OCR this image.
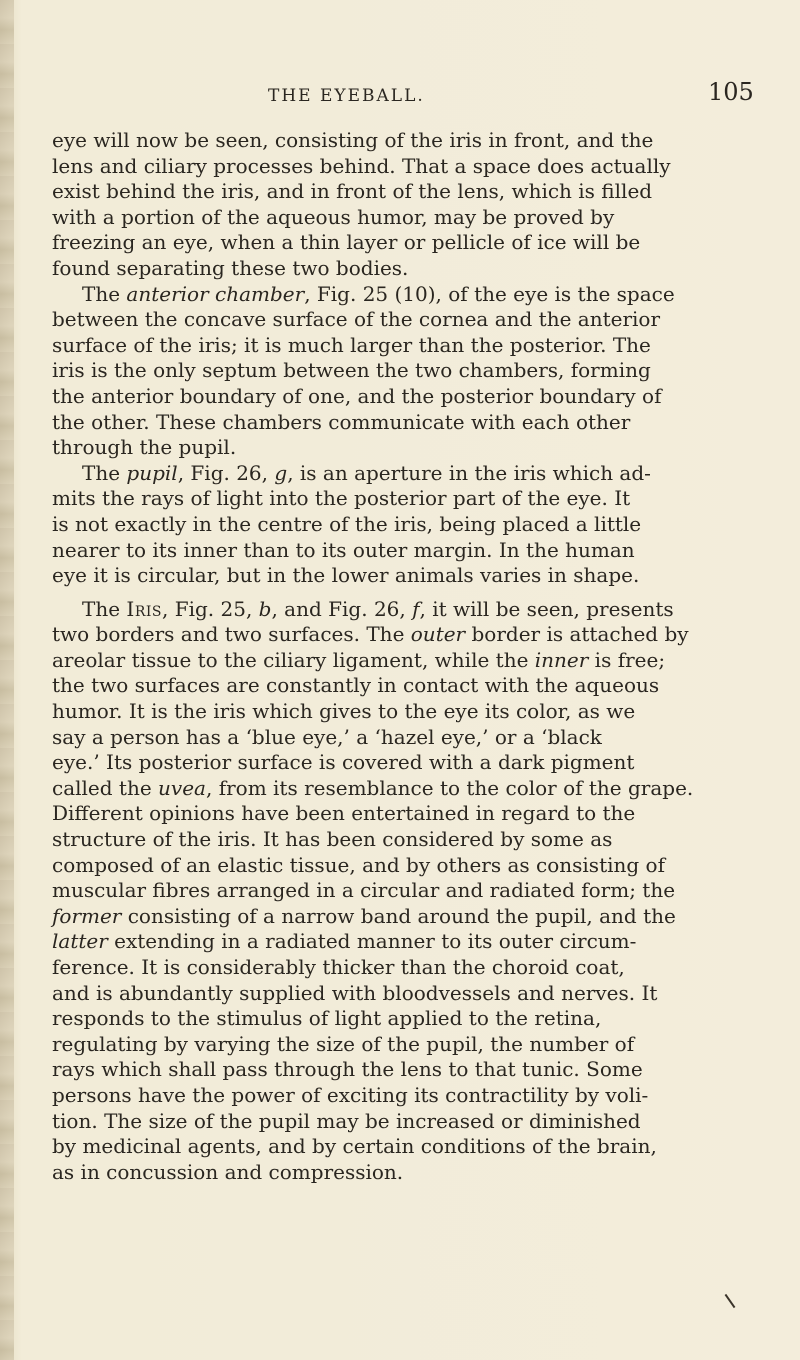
THE EYEBALL.	105
eye will now be seen, consisting of the iris in front, and the
lens and ciliary processes behind. That a space does actually
exist behind the iris, and in front of the lens, which is filled
with a portion of the aqueous humor, may be proved by
freezing an eye, when a thin layer or pellicle of ice will be
found separating these two bodies.
The anterior chamber, Fig. 25 (10), of the eye is the space
between the concave surface of the cornea and the anterior
surface of the iris; it is much larger than the posterior. The
iris is the only septum between the two chambers, forming
the anterior boundary of one, and the posterior boundary of
the other. These chambers communicate with each other
through the pupil.
The pupil, Fig. 26, g, is an aperture in the iris which ad-
mits the rays of light into the posterior part of the eye. It
is not exactly in the centre of the iris, being placed a little
nearer to its inner than to its outer margin. In the human
eye it is circular, but in the lower animals varies in shape.
The Iris, Fig. 25, b, and Fig. 26, f, it will be seen, presents
two borders and two surfaces. The outer border is attached by
areolar tissue to the ciliary ligament, while the inner is free;
the two surfaces are constantly in contact with the aqueous
humor. It is the iris which gives to the eye its color, as we
say a person has a ‘blue eye,’ a ‘hazel eye,’ or a ‘black
eye.’ Its posterior surface is covered with a dark pigment
called the uvea, from its resemblance to the color of the grape.
Different opinions have been entertained in regard to the
structure of the iris. It has been considered by some as
composed of an elastic tissue, and by others as consisting of
muscular fibres arranged in a circular and radiated form; the
former consisting of a narrow band around the pupil, and the
latter extending in a radiated manner to its outer circum-
ference. It is considerably thicker than the choroid coat,
and is abundantly supplied with bloodvessels and nerves. It
responds to the stimulus of light applied to the retina,
regulating by varying the size of the pupil, the number of
rays which shall pass through the lens to that tunic. Some
persons have the power of exciting its contractility by voli-
tion. The size of the pupil may be increased or diminished
by medicinal agents, and by certain conditions of the brain,
as in concussion and compression.
